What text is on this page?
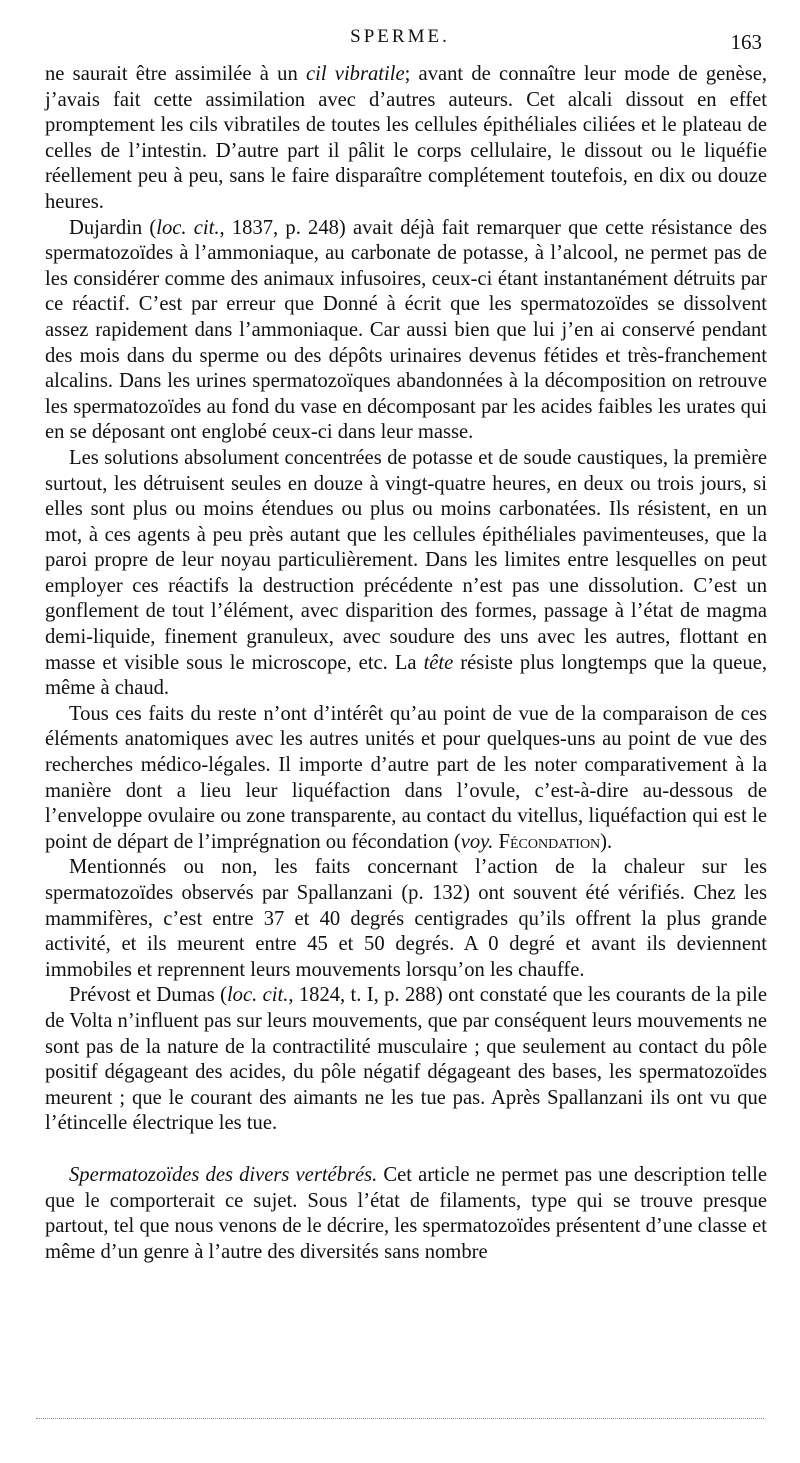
SPERME.	163

ne saurait être assimilée à un cil vibratile; avant de connaître leur mode de genèse, j’avais fait cette assimilation avec d’autres auteurs. Cet alcali dissout en effet promptement les cils vibratiles de toutes les cellules épithéliales ciliées et le plateau de celles de l’intestin. D’autre part il pâlit le corps cellulaire, le dissout ou le liquéfie réellement peu à peu, sans le faire disparaître complétement toutefois, en dix ou douze heures.

Dujardin (loc. cit., 1837, p. 248) avait déjà fait remarquer que cette résistance des spermatozoïdes à l’ammoniaque, au carbonate de potasse, à l’alcool, ne permet pas de les considérer comme des animaux infusoires, ceux-ci étant instantanément détruits par ce réactif. C’est par erreur que Donné à écrit que les spermatozoïdes se dissolvent assez rapidement dans l’ammoniaque. Car aussi bien que lui j’en ai conservé pendant des mois dans du sperme ou des dépôts urinaires devenus fétides et très-franchement alcalins. Dans les urines spermatozoïques abandonnées à la décomposition on retrouve les spermatozoïdes au fond du vase en décomposant par les acides faibles les urates qui en se déposant ont englobé ceux-ci dans leur masse.

Les solutions absolument concentrées de potasse et de soude caustiques, la première surtout, les détruisent seules en douze à vingt-quatre heures, en deux ou trois jours, si elles sont plus ou moins étendues ou plus ou moins carbonatées. Ils résistent, en un mot, à ces agents à peu près autant que les cellules épithéliales pavimenteuses, que la paroi propre de leur noyau particulièrement. Dans les limites entre lesquelles on peut employer ces réactifs la destruction précédente n’est pas une dissolution. C’est un gonflement de tout l’élément, avec disparition des formes, passage à l’état de magma demi-liquide, finement granuleux, avec soudure des uns avec les autres, flottant en masse et visible sous le microscope, etc. La tête résiste plus longtemps que la queue, même à chaud.

Tous ces faits du reste n’ont d’intérêt qu’au point de vue de la comparaison de ces éléments anatomiques avec les autres unités et pour quelques-uns au point de vue des recherches médico-légales. Il importe d’autre part de les noter comparativement à la manière dont a lieu leur liquéfaction dans l’ovule, c’est-à-dire au-dessous de l’enveloppe ovulaire ou zone transparente, au contact du vitellus, liquéfaction qui est le point de départ de l’imprégnation ou fécondation (voy. Fécondation).

Mentionnés ou non, les faits concernant l’action de la chaleur sur les spermatozoïdes observés par Spallanzani (p. 132) ont souvent été vérifiés. Chez les mammifères, c’est entre 37 et 40 degrés centigrades qu’ils offrent la plus grande activité, et ils meurent entre 45 et 50 degrés. A 0 degré et avant ils deviennent immobiles et reprennent leurs mouvements lorsqu’on les chauffe.

Prévost et Dumas (loc. cit., 1824, t. I, p. 288) ont constaté que les courants de la pile de Volta n’influent pas sur leurs mouvements, que par conséquent leurs mouvements ne sont pas de la nature de la contractilité musculaire ; que seulement au contact du pôle positif dégageant des acides, du pôle négatif dégageant des bases, les spermatozoïdes meurent ; que le courant des aimants ne les tue pas. Après Spallanzani ils ont vu que l’étincelle électrique les tue.

Spermatozoïdes des divers vertébrés. Cet article ne permet pas une description telle que le comporterait ce sujet. Sous l’état de filaments, type qui se trouve presque partout, tel que nous venons de le décrire, les spermatozoïdes présentent d’une classe et même d’un genre à l’autre des diversités sans nombre
